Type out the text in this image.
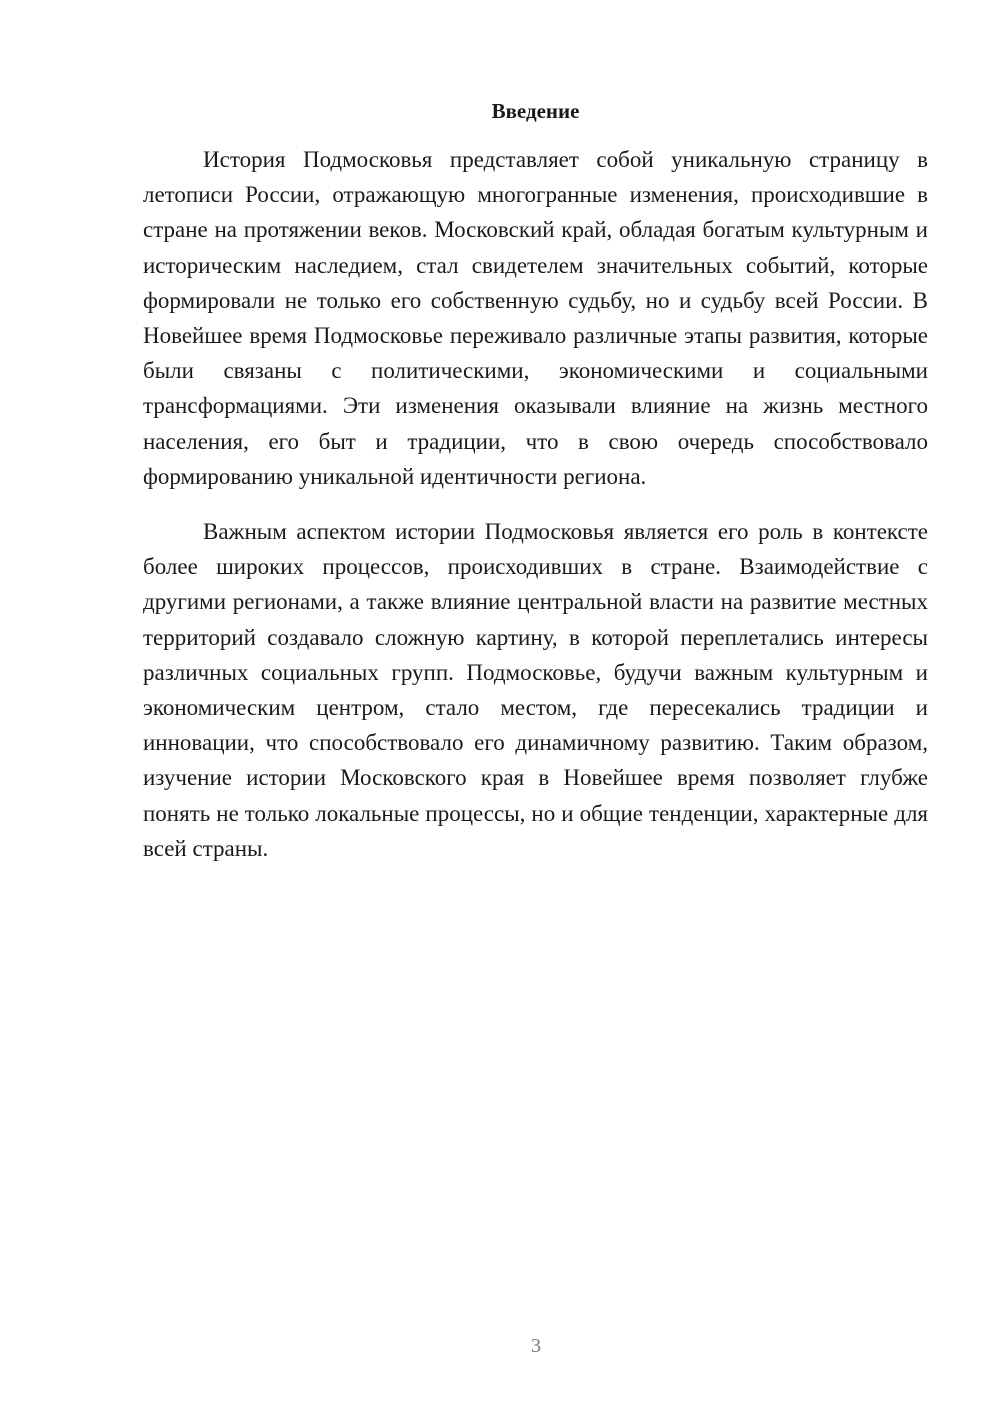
Введение

История Подмосковья представляет собой уникальную страницу в летописи России, отражающую многогранные изменения, происходившие в стране на протяжении веков. Московский край, обладая богатым культурным и историческим наследием, стал свидетелем значительных событий, которые формировали не только его собственную судьбу, но и судьбу всей России. В Новейшее время Подмосковье переживало различные этапы развития, которые были связаны с политическими, экономическими и социальными трансформациями. Эти изменения оказывали влияние на жизнь местного населения, его быт и традиции, что в свою очередь способствовало формированию уникальной идентичности региона.

Важным аспектом истории Подмосковья является его роль в контексте более широких процессов, происходивших в стране. Взаимодействие с другими регионами, а также влияние центральной власти на развитие местных территорий создавало сложную картину, в которой переплетались интересы различных социальных групп. Подмосковье, будучи важным культурным и экономическим центром, стало местом, где пересекались традиции и инновации, что способствовало его динамичному развитию. Таким образом, изучение истории Московского края в Новейшее время позволяет глубже понять не только локальные процессы, но и общие тенденции, характерные для всей страны.

3
